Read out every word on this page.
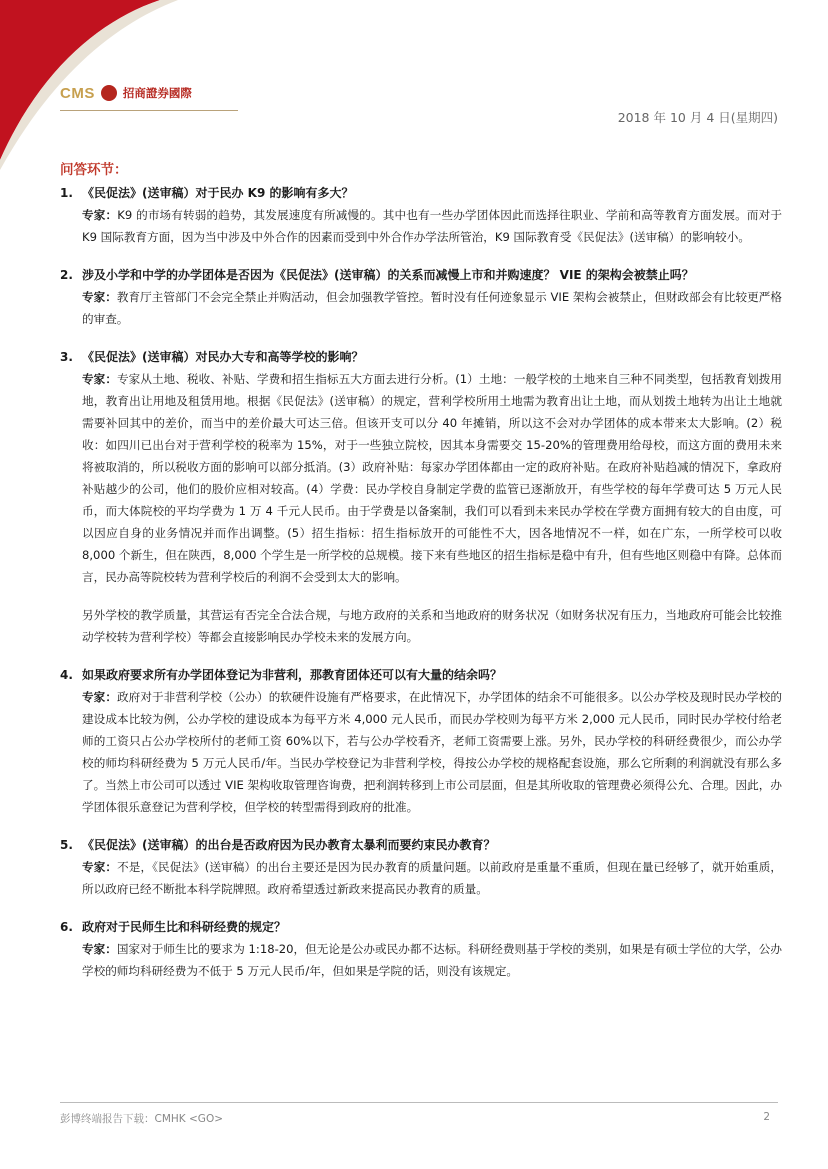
CMS 招商證券國際
2018 年 10 月 4 日(星期四)
问答环节：
1. 《民促法》(送审稿）对于民办 K9 的影响有多大？
专家：K9 的市场有转弱的趋势，其发展速度有所减慢的。其中也有一些办学团体因此而选择往职业、学前和高等教育方面发展。而对于 K9 国际教育方面，因为当中涉及中外合作的因素而受到中外合作办学法所管治，K9 国际教育受《民促法》(送审稿）的影响较小。
2. 涉及小学和中学的办学团体是否因为《民促法》(送审稿）的关系而减慢上市和并购速度？ VIE 的架构会被禁止吗？
专家：教育厅主管部门不会完全禁止并购活动，但会加强教学管控。暂时没有任何迹象显示 VIE 架构会被禁止，但财政部会有比较更严格的审查。
3. 《民促法》(送审稿）对民办大专和高等学校的影响？
专家：专家从土地、税收、补贴、学费和招生指标五大方面去进行分析。(1）土地：一般学校的土地来自三种不同类型，包括教育划拨用地，教育出让用地及租赁用地。根据《民促法》(送审稿）的规定，营利学校所用土地需为教育出让土地，而从划拨土地转为出让土地就需要补回其中的差价，而当中的差价最大可达三倍。但该开支可以分 40 年摊销，所以这不会对办学团体的成本带来太大影响。(2）税收：如四川已出台对于营利学校的税率为 15%，对于一些独立院校，因其本身需要交 15-20%的管理费用给母校，而这方面的费用未来将被取消的，所以税收方面的影响可以部分抵消。(3）政府补贴：每家办学团体都由一定的政府补贴。在政府补贴趋减的情况下，拿政府补贴越少的公司，他们的股价应相对较高。(4）学费：民办学校自身制定学费的监管已逐渐放开，有些学校的每年学费可达 5 万元人民币，而大体院校的平均学费为 1 万 4 千元人民币。由于学费是以备案制，我们可以看到未来民办学校在学费方面拥有较大的自由度，可以因应自身的业务情况并而作出调整。(5）招生指标：招生指标放开的可能性不大，因各地情况不一样，如在广东，一所学校可以收 8,000 个新生，但在陕西，8,000 个学生是一所学校的总规模。接下来有些地区的招生指标是稳中有升，但有些地区则稳中有降。总体而言，民办高等院校转为营利学校后的利润不会受到太大的影响。
另外学校的教学质量，其营运有否完全合法合规，与地方政府的关系和当地政府的财务状况（如财务状况有压力，当地政府可能会比较推动学校转为营利学校）等都会直接影响民办学校未来的发展方向。
4. 如果政府要求所有办学团体登记为非营利，那教育团体还可以有大量的结余吗？
专家：政府对于非营利学校（公办）的软硬件设施有严格要求，在此情况下，办学团体的结余不可能很多。以公办学校及现时民办学校的建设成本比较为例，公办学校的建设成本为每平方米 4,000 元人民币，而民办学校则为每平方米 2,000 元人民币，同时民办学校付给老师的工资只占公办学校所付的老师工资 60%以下，若与公办学校看齐，老师工资需要上涨。另外，民办学校的科研经费很少，而公办学校的师均科研经费为 5 万元人民币/年。当民办学校登记为非营利学校，得按公办学校的规格配套设施，那么它所剩的利润就没有那么多了。当然上市公司可以透过 VIE 架构收取管理咨询费，把利润转移到上市公司层面，但是其所收取的管理费必须得公允、合理。因此，办学团体很乐意登记为营利学校，但学校的转型需得到政府的批准。
5. 《民促法》(送审稿）的出台是否政府因为民办教育太暴利而要约束民办教育？
专家：不是，《民促法》(送审稿）的出台主要还是因为民办教育的质量问题。以前政府是重量不重质，但现在量已经够了，就开始重质，所以政府已经不断批本科学院牌照。政府希望透过新政来提高民办教育的质量。
6. 政府对于民师生比和科研经费的规定？
专家：国家对于师生比的要求为 1:18-20，但无论是公办或民办都不达标。科研经费则基于学校的类别，如果是有硕士学位的大学，公办学校的师均科研经费为不低于 5 万元人民币/年，但如果是学院的话，则没有该规定。
彭博终端报告下载：CMHK <GO>	2
